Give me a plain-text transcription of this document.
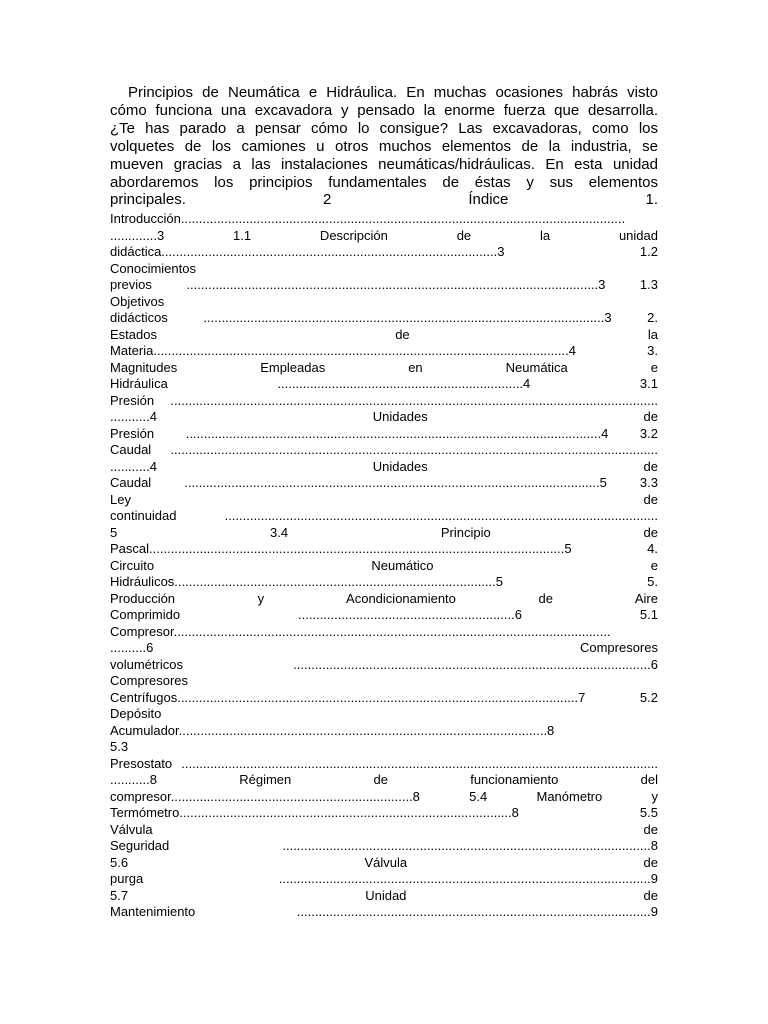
Principios de Neumática e Hidráulica. En muchas ocasiones habrás visto
cómo funciona una excavadora y pensado la enorme fuerza que desarrolla.
¿Te has parado a pensar cómo lo consigue? Las excavadoras, como los
volquetes de los camiones u otros muchos elementos de la industria, se
mueven gracias a las instalaciones neumáticas/hidráulicas. En esta unidad
abordaremos los principios fundamentales de éstas y sus elementos
principales. 2 Índice 1.
Introducción...........................................................................................................................
.............3 1.1 Descripción de la unidad
didáctica.............................................................................................3 1.2
Conocimientos
previos ..................................................................................................................3 1.3
Objetivos
didácticos ...............................................................................................................3 2.
Estados de la
Materia...................................................................................................................4 3.
Magnitudes Empleadas en Neumática e
Hidráulica ....................................................................4 3.1
Presión .......................................................................................................................................
...........4 Unidades de
Presión ...................................................................................................................4 3.2
Caudal .......................................................................................................................................
...........4 Unidades de
Caudal ...................................................................................................................5 3.3
Ley de
continuidad ........................................................................................................................
5 3.4 Principio de
Pascal...................................................................................................................5 4.
Circuito Neumático e
Hidráulicos.........................................................................................5 5.
Producción y Acondicionamiento de Aire
Comprimido ............................................................6 5.1
Compresor.........................................................................................................................
..........6 Compresores
volumétricos ...................................................................................................6
Compresores
Centrífugos...............................................................................................................7 5.2
Depósito
Acumulador......................................................................................................8
5.3
Presostato ....................................................................................................................................
...........8 Régimen de funcionamiento del
compresor...................................................................8 5.4 Manómetro y
Termómetro............................................................................................8 5.5
Válvula de
Seguridad ......................................................................................................8
5.6 Válvula de
purga .......................................................................................................9
5.7 Unidad de
Mantenimiento ..................................................................................................9
